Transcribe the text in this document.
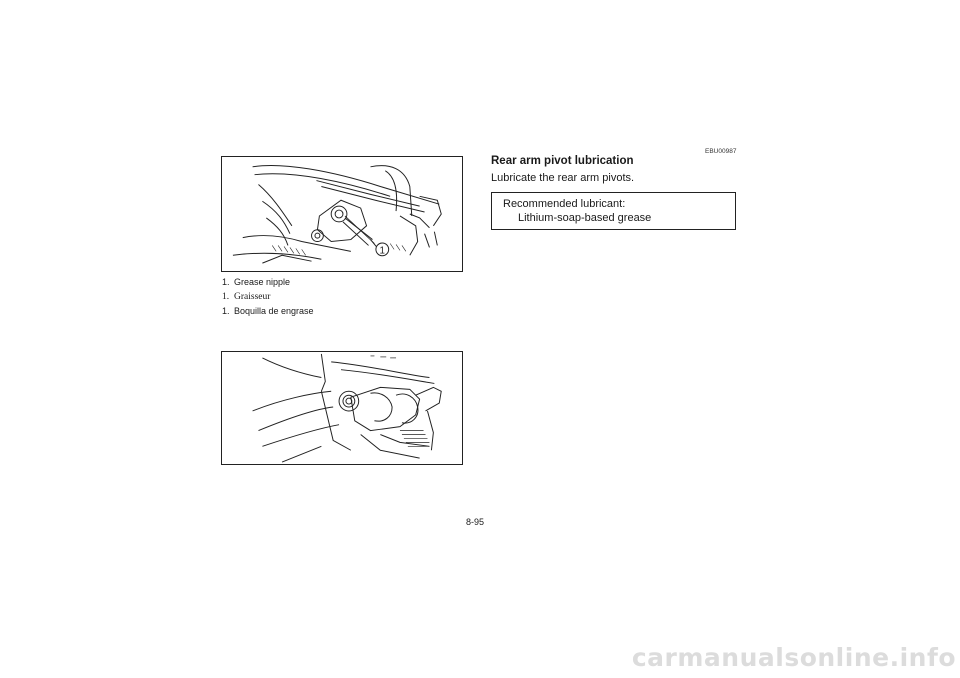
1
1. Grease nipple
1. Graisseur
1. Boquilla de engrase
EBU00987
Rear arm pivot lubrication
Lubricate the rear arm pivots.
Recommended lubricant:
Lithium-soap-based grease
8-95
carmanualsonline.info
